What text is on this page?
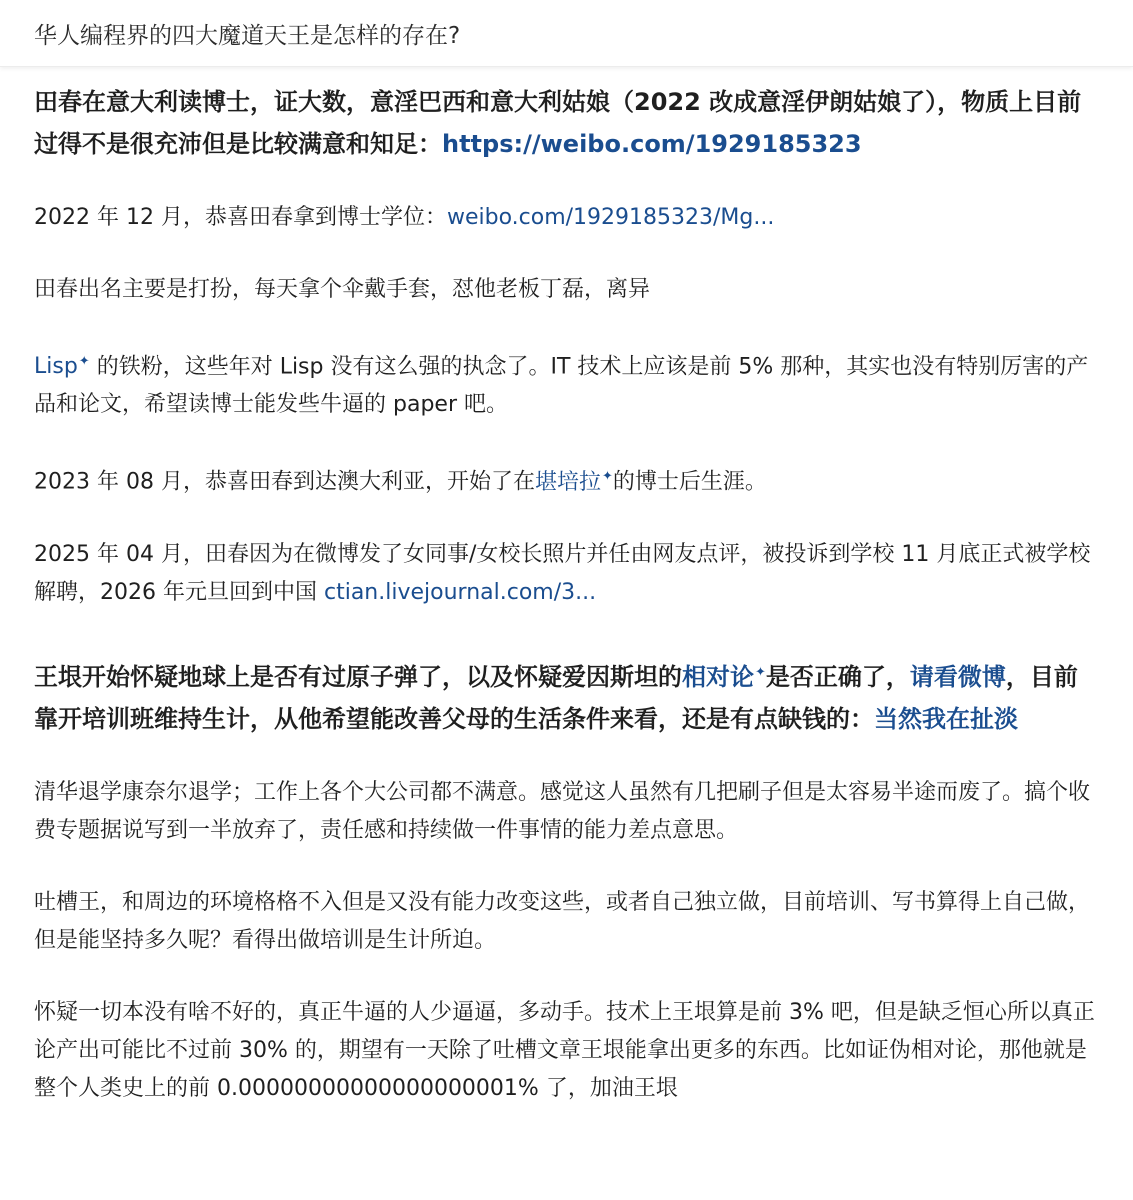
华人编程界的四大魔道天王是怎样的存在?

田春在意大利读博士，证大数，意淫巴西和意大利姑娘（2022 改成意淫伊朗姑娘了），物质上目前过得不是很充沛但是比较满意和知足：https://weibo.com/1929185323

2022 年 12 月，恭喜田春拿到博士学位：weibo.com/1929185323/Mg...

田春出名主要是打扮，每天拿个伞戴手套，怼他老板丁磊，离异

Lisp✦ 的铁粉，这些年对 Lisp 没有这么强的执念了。IT 技术上应该是前 5% 那种，其实也没有特别厉害的产品和论文，希望读博士能发些牛逼的 paper 吧。

2023 年 08 月，恭喜田春到达澳大利亚，开始了在堪培拉✦的博士后生涯。

2025 年 04 月，田春因为在微博发了女同事/女校长照片并任由网友点评，被投诉到学校 11 月底正式被学校解聘，2026 年元旦回到中国 ctian.livejournal.com/3...

王垠开始怀疑地球上是否有过原子弹了，以及怀疑爱因斯坦的相对论✦是否正确了，请看微博，目前靠开培训班维持生计，从他希望能改善父母的生活条件来看，还是有点缺钱的：当然我在扯淡

清华退学康奈尔退学；工作上各个大公司都不满意。感觉这人虽然有几把刷子但是太容易半途而废了。搞个收费专题据说写到一半放弃了，责任感和持续做一件事情的能力差点意思。

吐槽王，和周边的环境格格不入但是又没有能力改变这些，或者自己独立做，目前培训、写书算得上自己做，但是能坚持多久呢？看得出做培训是生计所迫。

怀疑一切本没有啥不好的，真正牛逼的人少逼逼，多动手。技术上王垠算是前 3% 吧，但是缺乏恒心所以真正论产出可能比不过前 30% 的，期望有一天除了吐槽文章王垠能拿出更多的东西。比如证伪相对论，那他就是整个人类史上的前 0.00000000000000000001% 了，加油王垠
